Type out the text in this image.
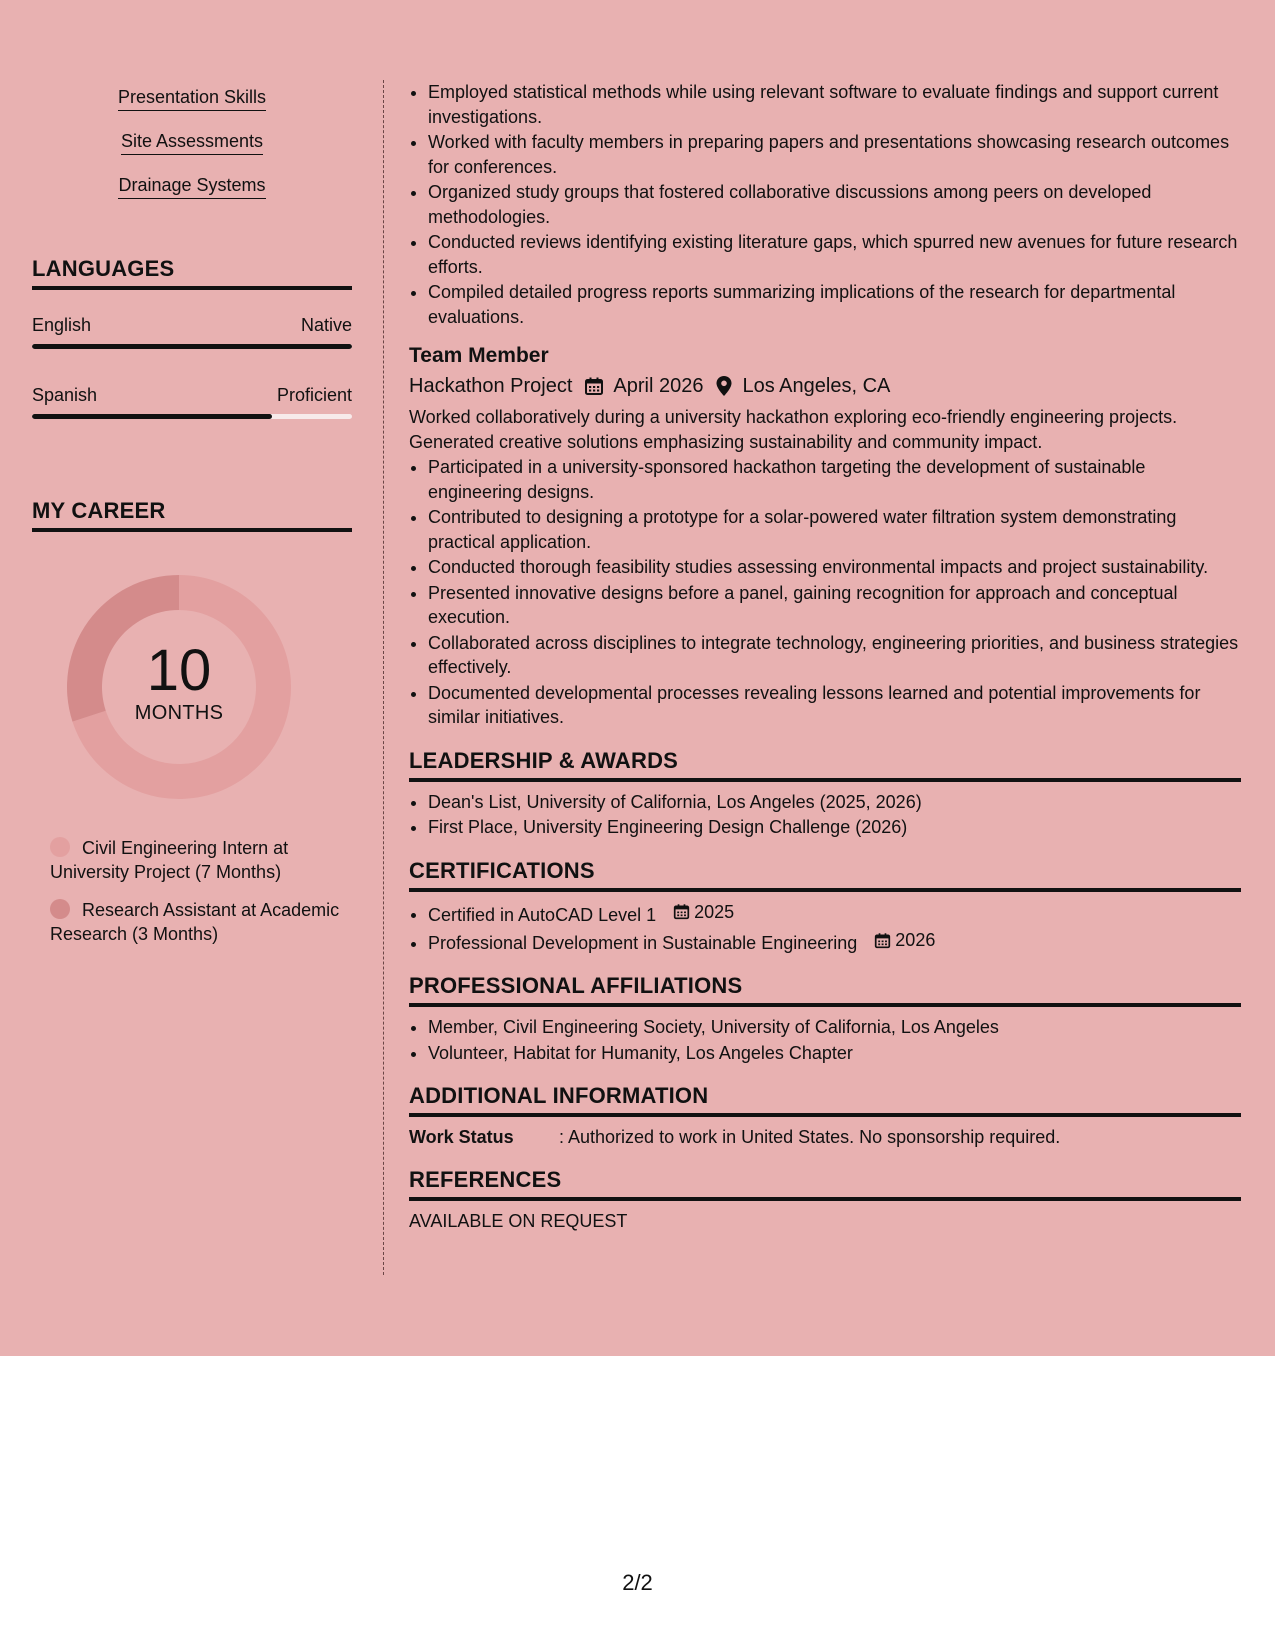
Presentation Skills
Site Assessments
Drainage Systems
LANGUAGES
English	Native
Spanish	Proficient
MY CAREER
10
MONTHS
Civil Engineering Intern at University Project (7 Months)
Research Assistant at Academic Research (3 Months)
• Employed statistical methods while using relevant software to evaluate findings and support current investigations.
• Worked with faculty members in preparing papers and presentations showcasing research outcomes for conferences.
• Organized study groups that fostered collaborative discussions among peers on developed methodologies.
• Conducted reviews identifying existing literature gaps, which spurred new avenues for future research efforts.
• Compiled detailed progress reports summarizing implications of the research for departmental evaluations.
Team Member
Hackathon Project April 2026 Los Angeles, CA
Worked collaboratively during a university hackathon exploring eco-friendly engineering projects. Generated creative solutions emphasizing sustainability and community impact.
• Participated in a university-sponsored hackathon targeting the development of sustainable engineering designs.
• Contributed to designing a prototype for a solar-powered water filtration system demonstrating practical application.
• Conducted thorough feasibility studies assessing environmental impacts and project sustainability.
• Presented innovative designs before a panel, gaining recognition for approach and conceptual execution.
• Collaborated across disciplines to integrate technology, engineering priorities, and business strategies effectively.
• Documented developmental processes revealing lessons learned and potential improvements for similar initiatives.
LEADERSHIP & AWARDS
• Dean's List, University of California, Los Angeles (2025, 2026)
• First Place, University Engineering Design Challenge (2026)
CERTIFICATIONS
• Certified in AutoCAD Level 1 2025
• Professional Development in Sustainable Engineering 2026
PROFESSIONAL AFFILIATIONS
• Member, Civil Engineering Society, University of California, Los Angeles
• Volunteer, Habitat for Humanity, Los Angeles Chapter
ADDITIONAL INFORMATION
Work Status	: Authorized to work in United States. No sponsorship required.
REFERENCES
AVAILABLE ON REQUEST
2/2
